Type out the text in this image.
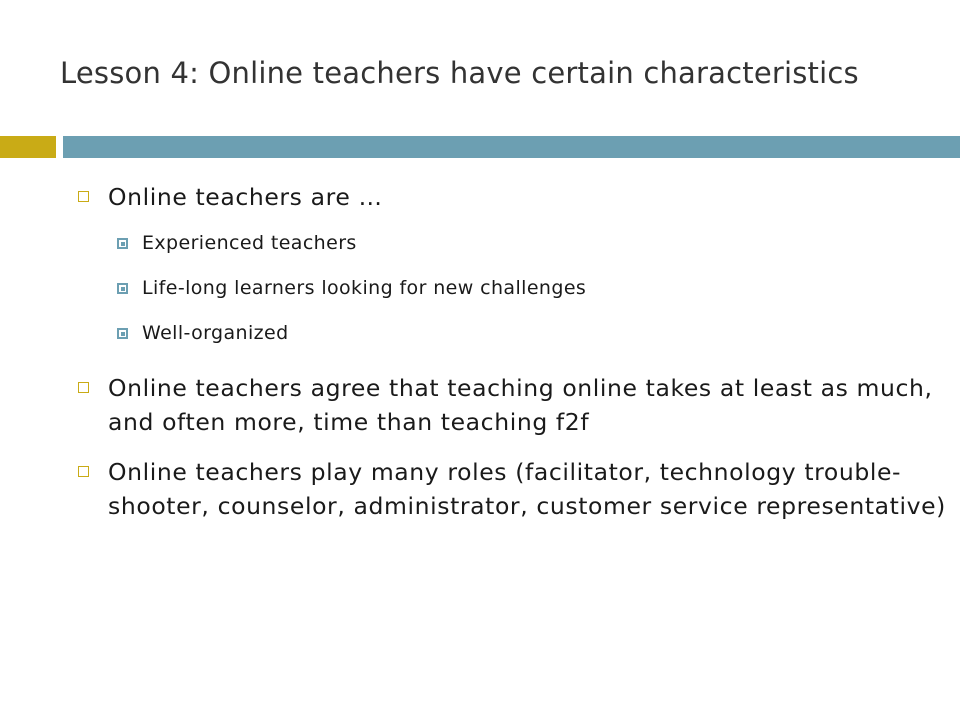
Lesson 4: Online teachers have certain characteristics
Online teachers are …
Experienced teachers
Life-long learners looking for new challenges
Well-organized
Online teachers agree that teaching online takes at least as much, and often more, time than teaching f2f
Online teachers play many roles (facilitator, technology trouble-shooter, counselor, administrator, customer service representative)
